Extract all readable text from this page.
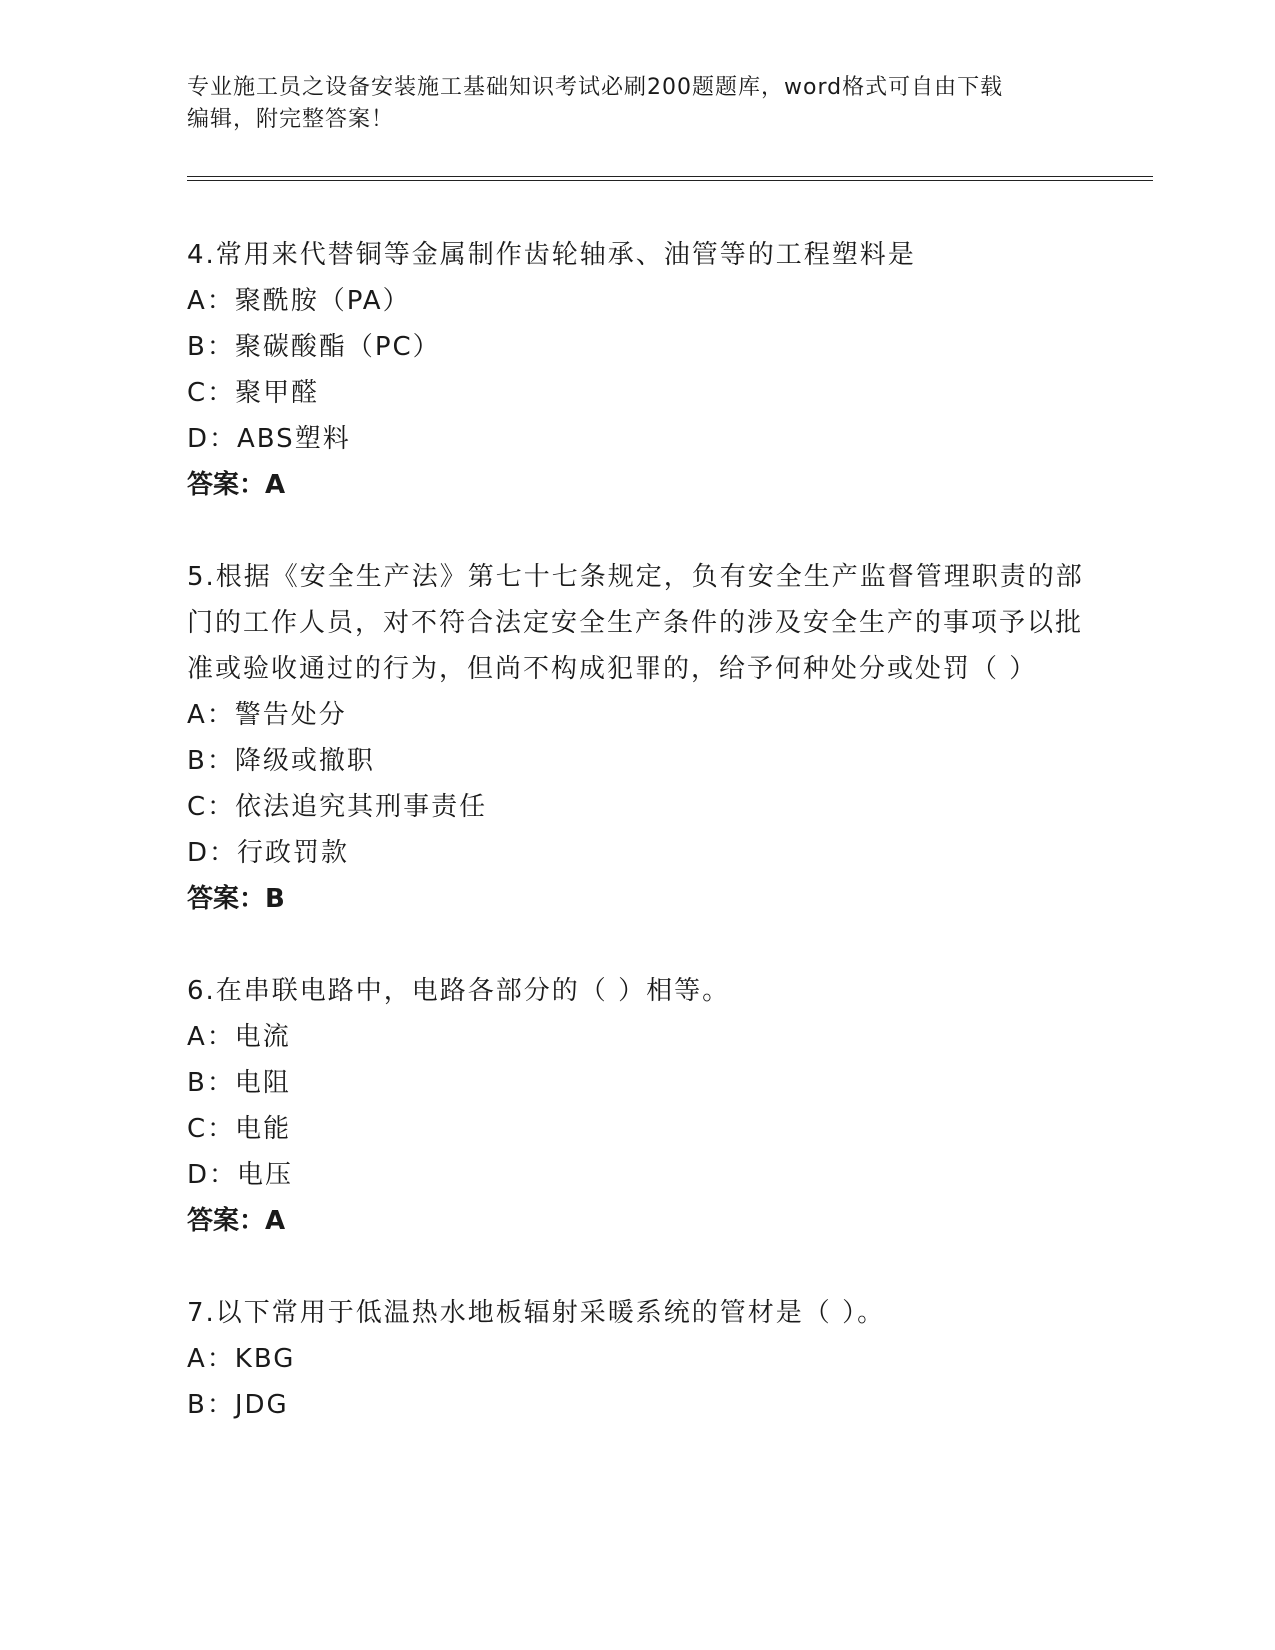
专业施工员之设备安装施工基础知识考试必刷200题题库，word格式可自由下载
编辑，附完整答案！
4.常用来代替铜等金属制作齿轮轴承、油管等的工程塑料是
A：聚酰胺（PA）
B：聚碳酸酯（PC）
C：聚甲醛
D：ABS塑料
答案：A
5.根据《安全生产法》第七十七条规定，负有安全生产监督管理职责的部门的工作人员，对不符合法定安全生产条件的涉及安全生产的事项予以批准或验收通过的行为，但尚不构成犯罪的，给予何种处分或处罚（ ）
A：警告处分
B：降级或撤职
C：依法追究其刑事责任
D：行政罚款
答案：B
6.在串联电路中，电路各部分的（ ）相等。
A：电流
B：电阻
C：电能
D：电压
答案：A
7.以下常用于低温热水地板辐射采暖系统的管材是（ ）。
A：KBG
B：JDG
